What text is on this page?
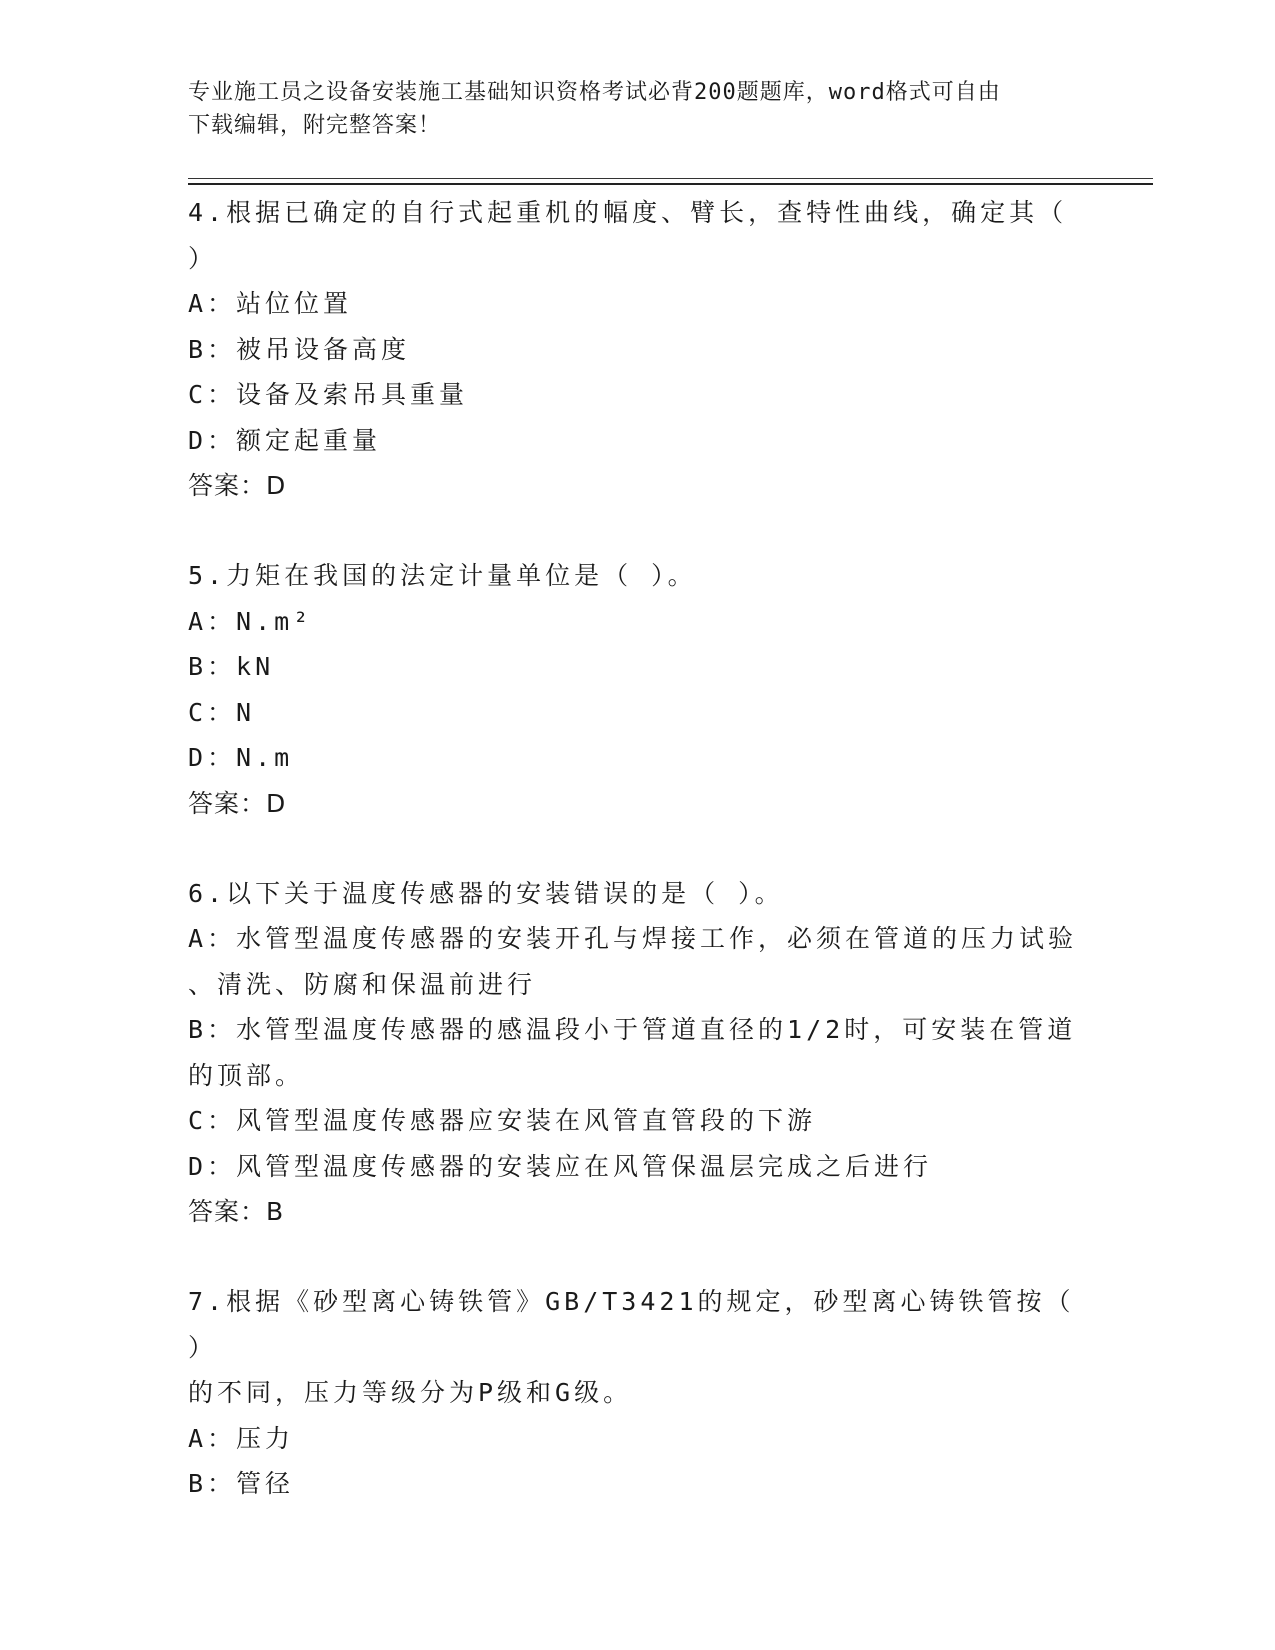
专业施工员之设备安装施工基础知识资格考试必背200题题库，word格式可自由
下载编辑，附完整答案！
4.根据已确定的自行式起重机的幅度、臂长，查特性曲线，确定其（
）
A：站位位置
B：被吊设备高度
C：设备及索吊具重量
D：额定起重量
答案：D
5.力矩在我国的法定计量单位是（ ）。
A：N.m²
B：kN
C：N
D：N.m
答案：D
6.以下关于温度传感器的安装错误的是（ ）。
A：水管型温度传感器的安装开孔与焊接工作，必须在管道的压力试验
、清洗、防腐和保温前进行
B：水管型温度传感器的感温段小于管道直径的1/2时，可安装在管道
的顶部。
C：风管型温度传感器应安装在风管直管段的下游
D：风管型温度传感器的安装应在风管保温层完成之后进行
答案：B
7.根据《砂型离心铸铁管》GB/T3421的规定，砂型离心铸铁管按（ ）
的不同，压力等级分为P级和G级。
A：压力
B：管径
